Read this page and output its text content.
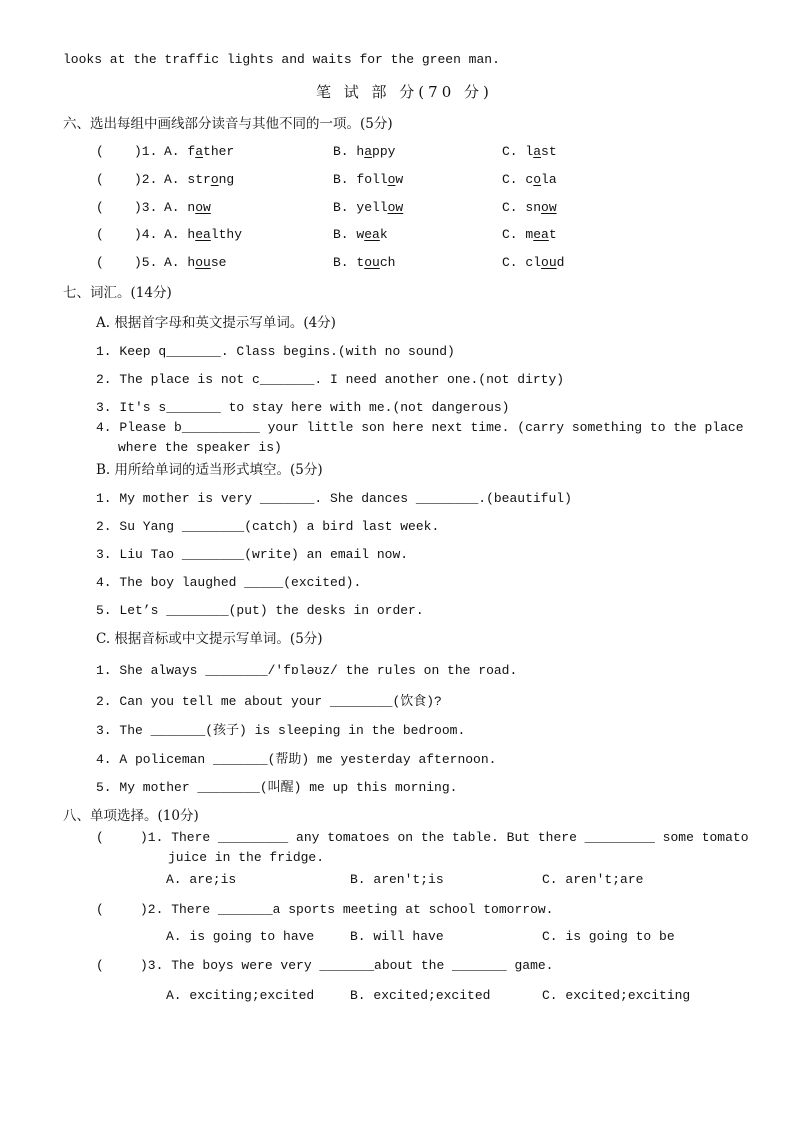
looks at the traffic lights and waits for the green man.
笔 试 部 分(70 分)
六、选出每组中画线部分读音与其他不同的一项。(5分)
( )1. A. father	B. happy	C. last
( )2. A. strong	B. follow	C. cola
( )3. A. now	B. yellow	C. snow
( )4. A. healthy	B. weak	C. meat
( )5. A. house	B. touch	C. cloud
七、词汇。(14分)
A. 根据首字母和英文提示写单词。(4分)
1. Keep q_______. Class begins.(with no sound)
2. The place is not c_______. I need another one.(not dirty)
3. It's s_______ to stay here with me.(not dangerous)
4. Please b__________ your little son here next time. (carry something to the place
where the speaker is)
B. 用所给单词的适当形式填空。(5分)
1. My mother is very _______. She dances ________.(beautiful)
2. Su Yang ________(catch) a bird last week.
3. Liu Tao ________(write) an email now.
4. The boy laughed _____(excited).
5. Let’s ________(put) the desks in order.
C. 根据音标或中文提示写单词。(5分)
1. She always ________/'fɒləʊz/ the rules on the road.
2. Can you tell me about your ________(饮食)?
3. The _______(孩子) is sleeping in the bedroom.
4. A policeman _______(帮助) me yesterday afternoon.
5. My mother ________(叫醒) me up this morning.
八、单项选择。(10分)
(	)1. There _________ any tomatoes on the table. But there _________ some tomato
juice in the fridge.
A. are;is	B. aren't;is	C. aren't;are
(	)2. There _______a sports meeting at school tomorrow.
A. is going to have	B. will have	C. is going to be
(	)3. The boys were very _______about the _______ game.
A. exciting;excited	B. excited;excited	C. excited;exciting
